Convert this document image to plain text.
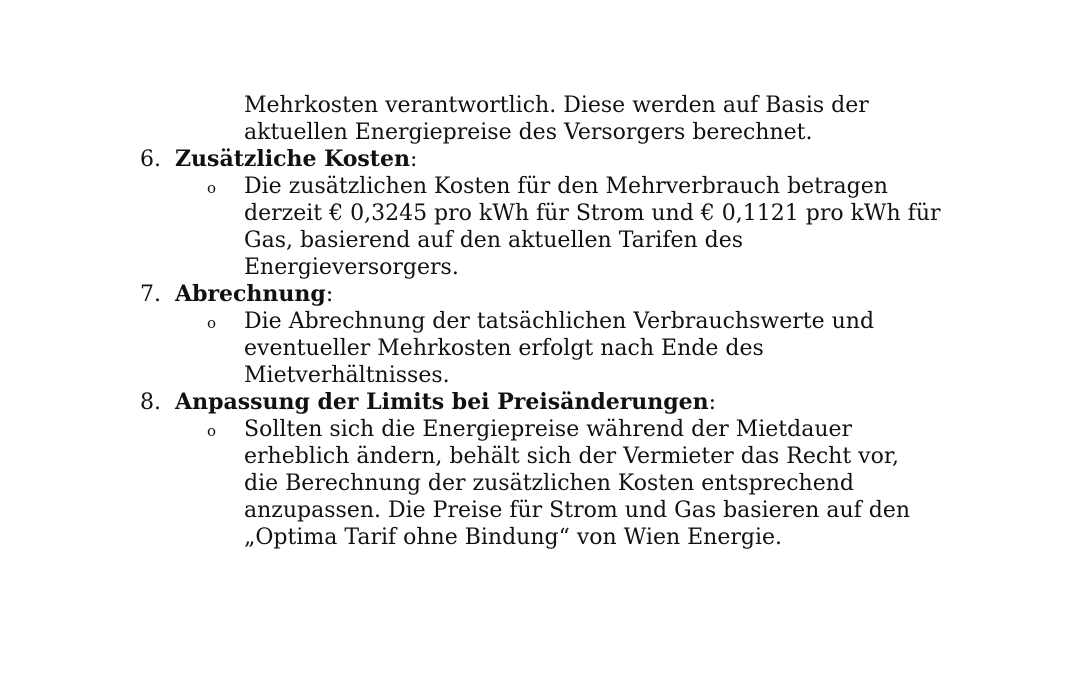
Mehrkosten verantwortlich. Diese werden auf Basis der
aktuellen Energiepreise des Versorgers berechnet.
6. Zusätzliche Kosten:
o Die zusätzlichen Kosten für den Mehrverbrauch betragen
derzeit € 0,3245 pro kWh für Strom und € 0,1121 pro kWh für
Gas, basierend auf den aktuellen Tarifen des
Energieversorgers.
7. Abrechnung:
o Die Abrechnung der tatsächlichen Verbrauchswerte und
eventueller Mehrkosten erfolgt nach Ende des
Mietverhältnisses.
8. Anpassung der Limits bei Preisänderungen:
o Sollten sich die Energiepreise während der Mietdauer
erheblich ändern, behält sich der Vermieter das Recht vor,
die Berechnung der zusätzlichen Kosten entsprechend
anzupassen. Die Preise für Strom und Gas basieren auf den
„Optima Tarif ohne Bindung“ von Wien Energie.
